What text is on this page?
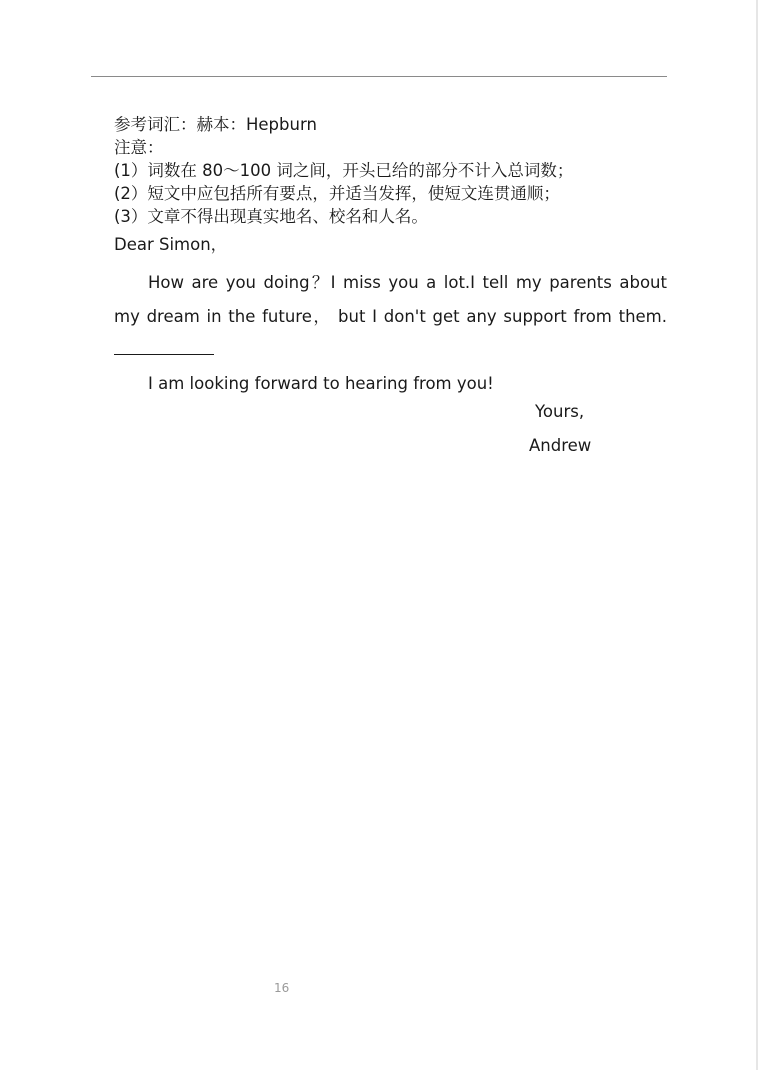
参考词汇：赫本：Hepburn
注意：
(1）词数在 80～100 词之间，开头已给的部分不计入总词数；
(2）短文中应包括所有要点，并适当发挥，使短文连贯通顺；
(3）文章不得出现真实地名、校名和人名。
Dear Simon，
How are you doing？I miss you a lot.I tell my parents about my dream in the future， but I don't get any support from them.
I am looking forward to hearing from you!
Yours,
Andrew
16
